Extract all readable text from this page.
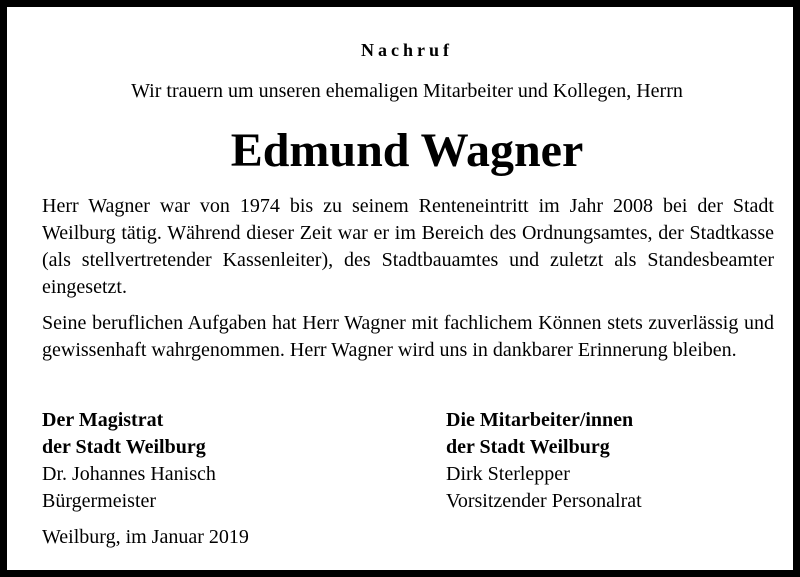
Nachruf
Wir trauern um unseren ehemaligen Mitarbeiter und Kollegen, Herrn
Edmund Wagner

Herr Wagner war von 1974 bis zu seinem Renteneintritt im Jahr 2008 bei der Stadt Weilburg tätig. Während dieser Zeit war er im Bereich des Ordnungsamtes, der Stadtkasse (als stellvertretender Kassenleiter), des Stadtbauamtes und zuletzt als Standesbeamter eingesetzt.

Seine beruflichen Aufgaben hat Herr Wagner mit fachlichem Können stets zuverlässig und gewissenhaft wahrgenommen. Herr Wagner wird uns in dankbarer Erinnerung bleiben.

Der Magistrat
der Stadt Weilburg
Dr. Johannes Hanisch
Bürgermeister
Die Mitarbeiter/innen
der Stadt Weilburg
Dirk Sterlepper
Vorsitzender Personalrat
Weilburg, im Januar 2019
